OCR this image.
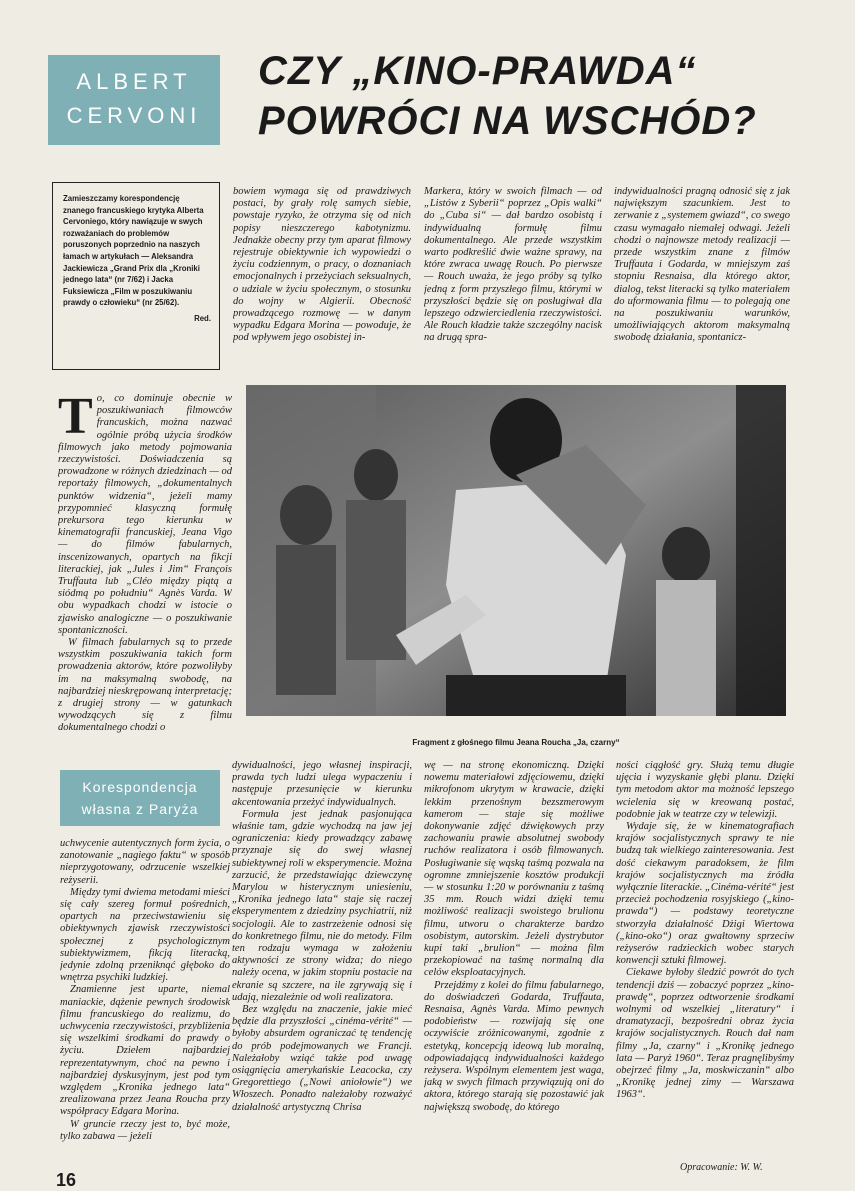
ALBERT
CERVONI
CZY „KINO-PRAWDA“
POWRÓCI NA WSCHÓD?
Zamieszczamy korespondencję znanego francuskiego krytyka Alberta Cervoniego, który nawiązuje w swych rozważaniach do problemów poruszonych poprzednio na naszych łamach w artykułach — Aleksandra Jackiewicza „Grand Prix dla „Kroniki jednego lata“ (nr 7/62) i Jacka Fuksiewicza „Film w poszukiwaniu prawdy o człowieku“ (nr 25/62).
Red.

bowiem wymaga się od prawdziwych postaci, by grały rolę samych siebie, powstaje ryzyko, że otrzyma się od nich popisy nieszczerego kabotynizmu. Jednakże obecny przy tym aparat filmowy rejestruje obiektywnie ich wypowiedzi o życiu codziennym, o pracy, o doznaniach emocjonalnych i przeżyciach seksualnych, o udziale w życiu społecznym, o stosunku do wojny w Algierii. Obecność prowadzącego rozmowę — w danym wypadku Edgara Morina — powoduje, że pod wpływem jego osobistej in-

Markera, który w swoich filmach — od „Listów z Syberii“ poprzez „Opis walki“ do „Cuba si“ — dał bardzo osobistą i indywidualną formułę filmu dokumentalnego. Ale przede wszystkim warto podkreślić dwie ważne sprawy, na które zwraca uwagę Rouch. Po pierwsze — Rouch uważa, że jego próby są tylko jedną z form przyszłego filmu, którymi w przyszłości będzie się on posługiwał dla lepszego odzwierciedlenia rzeczywistości. Ale Rouch kładzie także szczególny nacisk na drugą spra-

indywidualności pragną odnosić się z jak największym szacunkiem. Jest to zerwanie z „systemem gwiazd“, co swego czasu wymagało niemałej odwagi. Jeżeli chodzi o najnowsze metody realizacji — przede wszystkim znane z filmów Truffauta i Godarda, w mniejszym zaś stopniu Resnaisa, dla którego aktor, dialog, tekst literacki są tylko materiałem do uformowania filmu — to polegają one na poszukiwaniu warunków, umożliwiających aktorom maksymalną swobodę działania, spontanicz-

T o, co dominuje obecnie w poszukiwaniach filmowców francuskich, można nazwać ogólnie próbą użycia środków filmowych jako metody pojmowania rzeczywistości. Doświadczenia są prowadzone w różnych dziedzinach — od reportaży filmowych, „dokumentalnych punktów widzenia“, jeżeli mamy przypomnieć klasyczną formułę prekursora tego kierunku w kinematografii francuskiej, Jeana Vigo — do filmów fabularnych, inscenizowanych, opartych na fikcji literackiej, jak „Jules i Jim“ François Truffauta lub „Cléo między piątą a siódmą po południu“ Agnès Varda. W obu wypadkach chodzi w istocie o zjawisko analogiczne — o poszukiwanie spontaniczności.

W filmach fabularnych są to przede wszystkim poszukiwania takich form prowadzenia aktorów, które pozwoliłyby im na maksymalną swobodę, na najbardziej nieskrępowaną interpretację; z drugiej strony — w gatunkach wywodzących się z filmu dokumentalnego chodzi o

Fragment z głośnego filmu Jeana Roucha „Ja, czarny“
Korespondencja
własna z Paryża

uchwycenie autentycznych form życia, o zanotowanie „nagiego faktu“ w sposób nieprzygotowany, odrzucenie wszelkiej reżyserii.

Między tymi dwiema metodami mieści się cały szereg formuł pośrednich, opartych na przeciwstawieniu się obiektywnych zjawisk rzeczywistości społecznej z psychologicznym subiektywizmem, fikcją literacką, jedynie zdolną przeniknąć głęboko do wnętrza psychiki ludzkiej.

Znamienne jest uparte, niemal maniackie, dążenie pewnych środowisk filmu francuskiego do realizmu, do uchwycenia rzeczywistości, przybliżenia się wszelkimi środkami do prawdy o życiu. Dziełem najbardziej reprezentatywnym, choć na pewno i najbardziej dyskusyjnym, jest pod tym względem „Kronika jednego lata“ zrealizowana przez Jeana Roucha przy współpracy Edgara Morina.

W gruncie rzeczy jest to, być może, tylko zabawa — jeżeli

dywidualności, jego własnej inspiracji, prawda tych ludzi ulega wypaczeniu i następuje przesunięcie w kierunku akcentowania przeżyć indywidualnych.

Formuła jest jednak pasjonująca właśnie tam, gdzie wychodzą na jaw jej ograniczenia: kiedy prowadzący zabawę przyznaje się do swej własnej subiektywnej roli w eksperymencie. Można zarzucić, że przedstawiając dziewczynę Marylou w histerycznym uniesieniu, „Kronika jednego lata“ staje się raczej eksperymentem z dziedziny psychiatrii, niż socjologii. Ale to zastrzeżenie odnosi się do konkretnego filmu, nie do metody. Film ten rodzaju wymaga w założeniu aktywności ze strony widza; do niego należy ocena, w jakim stopniu postacie na ekranie są szczere, na ile zgrywają się i udają, niezależnie od woli realizatora.

Bez względu na znaczenie, jakie mieć będzie dla przyszłości „cinéma-vérité“ — byłoby absurdem ograniczać tę tendencję do prób podejmowanych we Francji. Należałoby wziąć także pod uwagę osiągnięcia amerykańskie Leacocka, czy Gregorettiego („Nowi aniołowie“) we Włoszech. Ponadto należałoby rozważyć działalność artystyczną Chrisa

wę — na stronę ekonomiczną. Dzięki nowemu materiałowi zdjęciowemu, dzięki mikrofonom ukrytym w krawacie, dzięki lekkim przenośnym bezszmerowym kamerom — staje się możliwe dokonywanie zdjęć dźwiękowych przy zachowaniu prawie absolutnej swobody ruchów realizatora i osób filmowanych. Posługiwanie się wąską taśmą pozwala na ogromne zmniejszenie kosztów produkcji — w stosunku 1:20 w porównaniu z taśmą 35 mm. Rouch widzi dzięki temu możliwość realizacji swoistego brulionu filmu, utworu o charakterze bardzo osobistym, autorskim. Jeżeli dystrybutor kupi taki „brulion“ — można film przekopiować na taśmę normalną dla celów eksploatacyjnych.

Przejdźmy z kolei do filmu fabularnego, do doświadczeń Godarda, Truffauta, Resnaisa, Agnès Varda. Mimo pewnych podobieństw — rozwijają się one oczywiście zróżnicowanymi, zgodnie z estetyką, koncepcją ideową lub moralną, odpowiadającą indywidualności każdego reżysera. Wspólnym elementem jest waga, jaką w swych filmach przywiązują oni do aktora, którego starają się pozostawić jak największą swobodę, do którego

ności ciągłość gry. Służą temu długie ujęcia i wyzyskanie głębi planu. Dzięki tym metodom aktor ma możność lepszego wcielenia się w kreowaną postać, podobnie jak w teatrze czy w telewizji.

Wydaje się, że w kinematografiach krajów socjalistycznych sprawy te nie budzą tak wielkiego zainteresowania. Jest dość ciekawym paradoksem, że film krajów socjalistycznych ma źródła wyłącznie literackie. „Cinéma-vérité“ jest przecież pochodzenia rosyjskiego („kino-prawda“) — podstawy teoretyczne stworzyła działalność Dżigi Wiertowa („kino-oko“) oraz gwałtowny sprzeciw reżyserów radzieckich wobec starych konwencji sztuki filmowej.

Ciekawe byłoby śledzić powrót do tych tendencji dziś — zobaczyć poprzez „kino-prawdę“, poprzez odtworzenie środkami wolnymi od wszelkiej „literatury“ i dramatyzacji, bezpośredni obraz życia krajów socjalistycznych. Rouch dał nam filmy „Ja, czarny“ i „Kronikę jednego lata — Paryż 1960“. Teraz pragnęlibyśmy obejrzeć filmy „Ja, moskwiczanin“ albo „Kronikę jednej zimy — Warszawa 1963“.

Opracowanie: W. W.
16
